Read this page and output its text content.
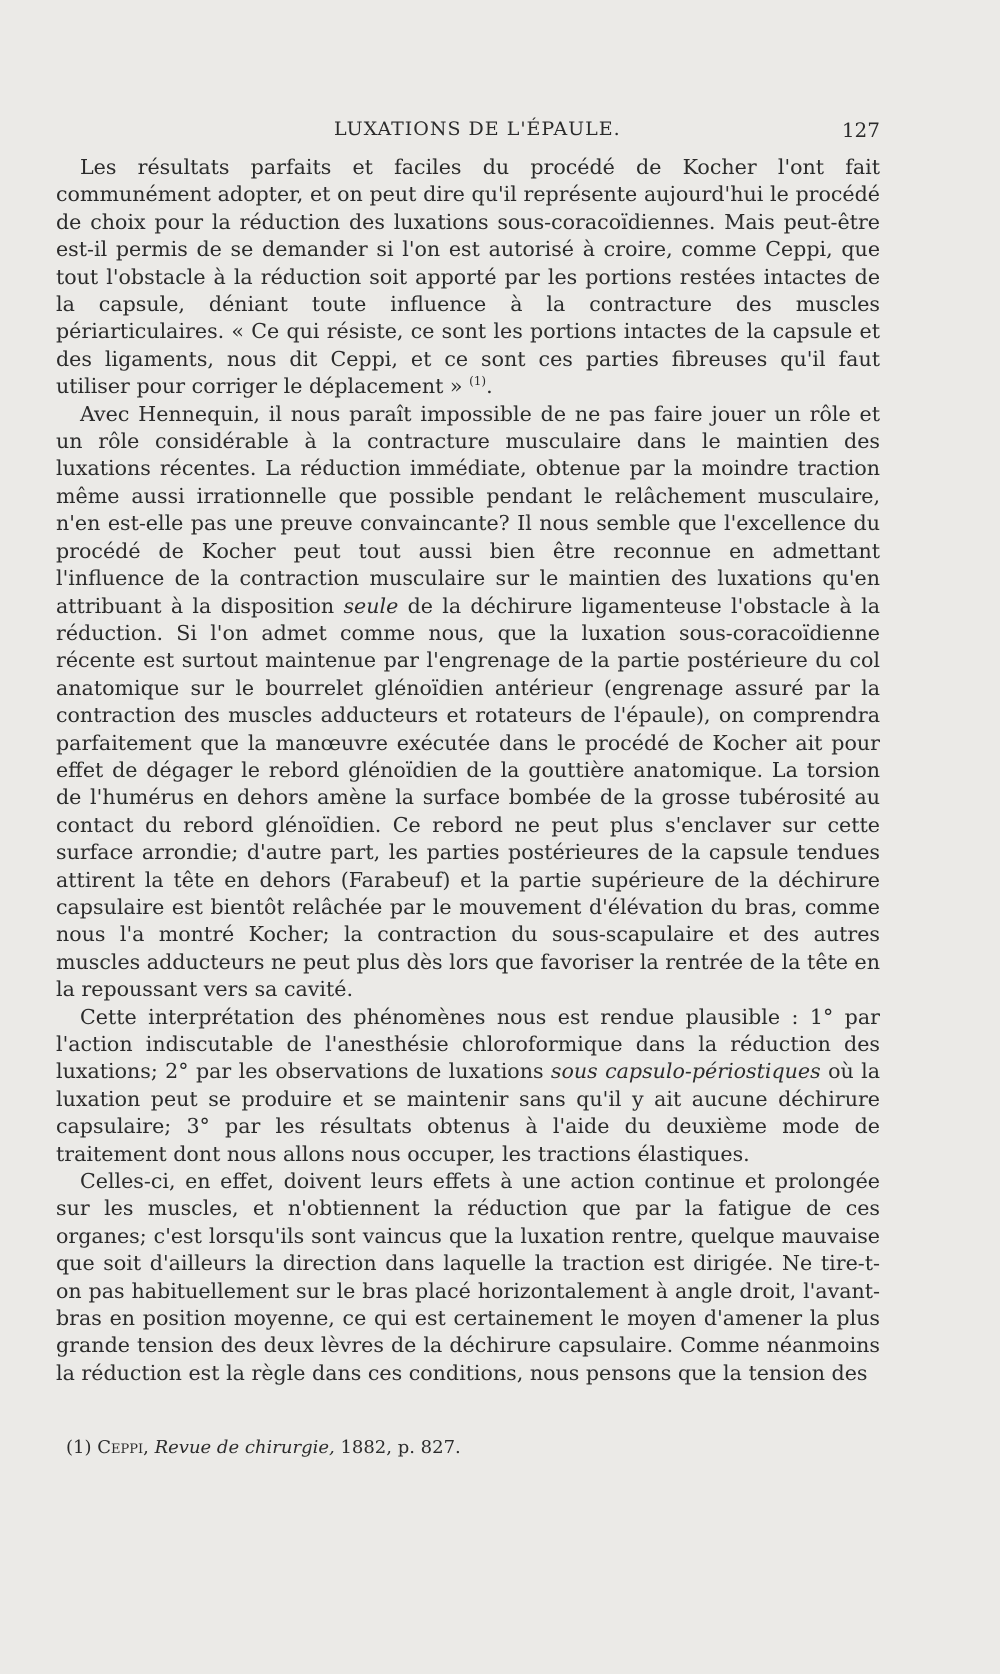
LUXATIONS DE L'ÉPAULE.	127

Les résultats parfaits et faciles du procédé de Kocher l'ont fait communément adopter, et on peut dire qu'il représente aujourd'hui le procédé de choix pour la réduction des luxations sous-coracoïdiennes. Mais peut-être est-il permis de se demander si l'on est autorisé à croire, comme Ceppi, que tout l'obstacle à la réduction soit apporté par les portions restées intactes de la capsule, déniant toute influence à la contracture des muscles périarticulaires. « Ce qui résiste, ce sont les portions intactes de la capsule et des ligaments, nous dit Ceppi, et ce sont ces parties fibreuses qu'il faut utiliser pour corriger le déplacement » $^{(1)}$.

Avec Hennequin, il nous paraît impossible de ne pas faire jouer un rôle et un rôle considérable à la contracture musculaire dans le maintien des luxations récentes. La réduction immédiate, obtenue par la moindre traction même aussi irrationnelle que possible pendant le relâchement musculaire, n'en est-elle pas une preuve convaincante? Il nous semble que l'excellence du procédé de Kocher peut tout aussi bien être reconnue en admettant l'influence de la contraction musculaire sur le maintien des luxations qu'en attribuant à la disposition seule de la déchirure ligamenteuse l'obstacle à la réduction. Si l'on admet comme nous, que la luxation sous-coracoïdienne récente est surtout maintenue par l'engrenage de la partie postérieure du col anatomique sur le bourrelet glénoïdien antérieur (engrenage assuré par la contraction des muscles adducteurs et rotateurs de l'épaule), on comprendra parfaitement que la manœuvre exécutée dans le procédé de Kocher ait pour effet de dégager le rebord glénoïdien de la gouttière anatomique. La torsion de l'humérus en dehors amène la surface bombée de la grosse tubérosité au contact du rebord glénoïdien. Ce rebord ne peut plus s'enclaver sur cette surface arrondie; d'autre part, les parties postérieures de la capsule tendues attirent la tête en dehors (Farabeuf) et la partie supérieure de la déchirure capsulaire est bientôt relâchée par le mouvement d'élévation du bras, comme nous l'a montré Kocher; la contraction du sous-scapulaire et des autres muscles adducteurs ne peut plus dès lors que favoriser la rentrée de la tête en la repoussant vers sa cavité.

Cette interprétation des phénomènes nous est rendue plausible : 1° par l'action indiscutable de l'anesthésie chloroformique dans la réduction des luxations; 2° par les observations de luxations sous capsulo-périostiques où la luxation peut se produire et se maintenir sans qu'il y ait aucune déchirure capsulaire; 3° par les résultats obtenus à l'aide du deuxième mode de traitement dont nous allons nous occuper, les tractions élastiques.

Celles-ci, en effet, doivent leurs effets à une action continue et prolongée sur les muscles, et n'obtiennent la réduction que par la fatigue de ces organes; c'est lorsqu'ils sont vaincus que la luxation rentre, quelque mauvaise que soit d'ailleurs la direction dans laquelle la traction est dirigée. Ne tire-t-on pas habituellement sur le bras placé horizontalement à angle droit, l'avant-bras en position moyenne, ce qui est certainement le moyen d'amener la plus grande tension des deux lèvres de la déchirure capsulaire. Comme néanmoins la réduction est la règle dans ces conditions, nous pensons que la tension des

(1) Ceppi, Revue de chirurgie, 1882, p. 827.
